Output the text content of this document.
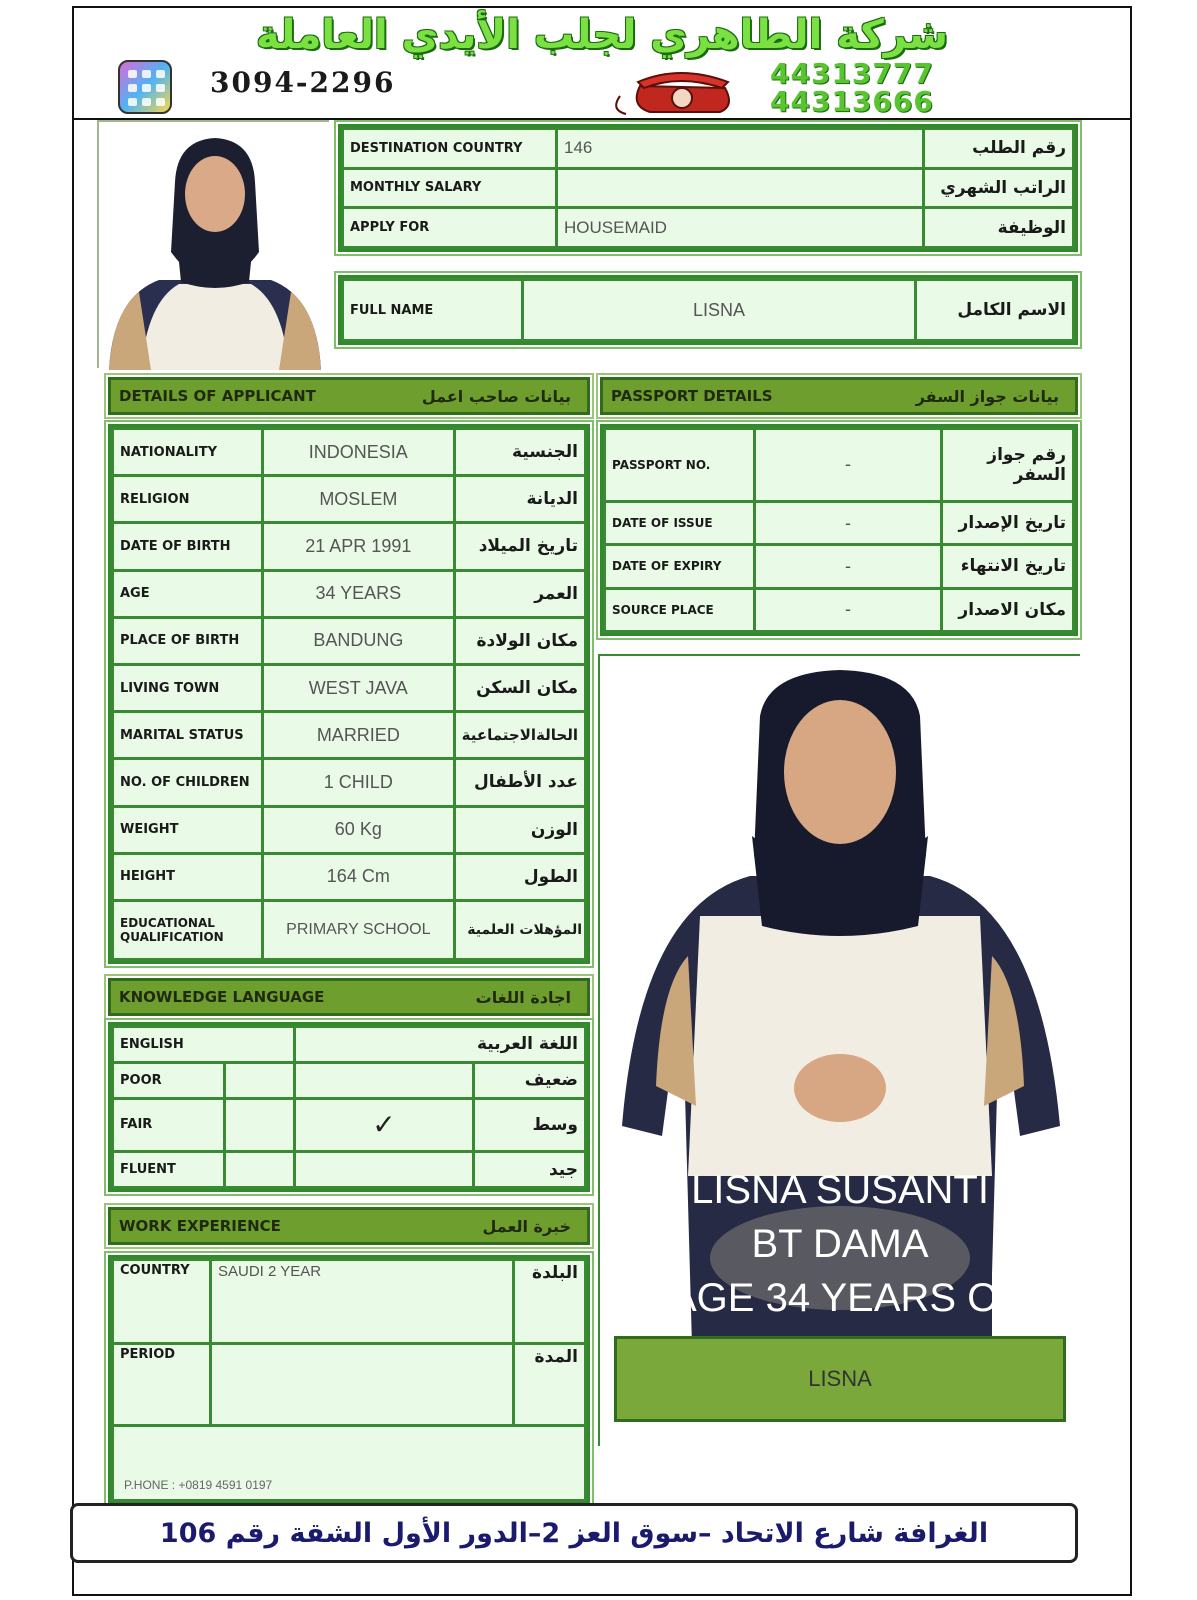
شركة الطاهري لجلب الأيدي العاملة
3094-2296	44313777
44313666
DESTINATION COUNTRY	146	رقم الطلب
MONTHLY SALARY		الراتب الشهري
APPLY FOR	HOUSEMAID	الوظيفة
FULL NAME	LISNA	الاسم الكامل
DETAILS OF APPLICANT	بيانات صاحب اعمل
NATIONALITY	INDONESIA	الجنسية
RELIGION	MOSLEM	الديانة
DATE OF BIRTH	21 APR 1991	تاريخ الميلاد
AGE	34 YEARS	العمر
PLACE OF BIRTH	BANDUNG	مكان الولادة
LIVING TOWN	WEST JAVA	مكان السكن
MARITAL STATUS	MARRIED	الحالةالاجتماعية
NO. OF CHILDREN	1 CHILD	عدد الأطفال
WEIGHT	60 Kg	الوزن
HEIGHT	164 Cm	الطول
EDUCATIONAL QUALIFICATION	PRIMARY SCHOOL	المؤهلات العلمية
PASSPORT DETAILS	بيانات جواز السفر
PASSPORT NO.	-	رقم جواز السفر
DATE OF ISSUE	-	تاريخ الإصدار
DATE OF EXPIRY	-	تاريخ الانتهاء
SOURCE PLACE	-	مكان الاصدار
LISNA SUSANTI
BT DAMA
AGE 34 YEARS OLD
LISNA
KNOWLEDGE LANGUAGE	اجادة اللغات
ENGLISH		اللغة العربية	
POOR			ضعيف
FAIR		✓	وسط
FLUENT			جيد
WORK EXPERIENCE	خبرة العمل
COUNTRY	SAUDI 2 YEAR	البلدة
PERIOD		المدة

P.HONE : +0819 4591 0197
الغرافة شارع الاتحاد –سوق العز 2–الدور الأول الشقة رقم 106
